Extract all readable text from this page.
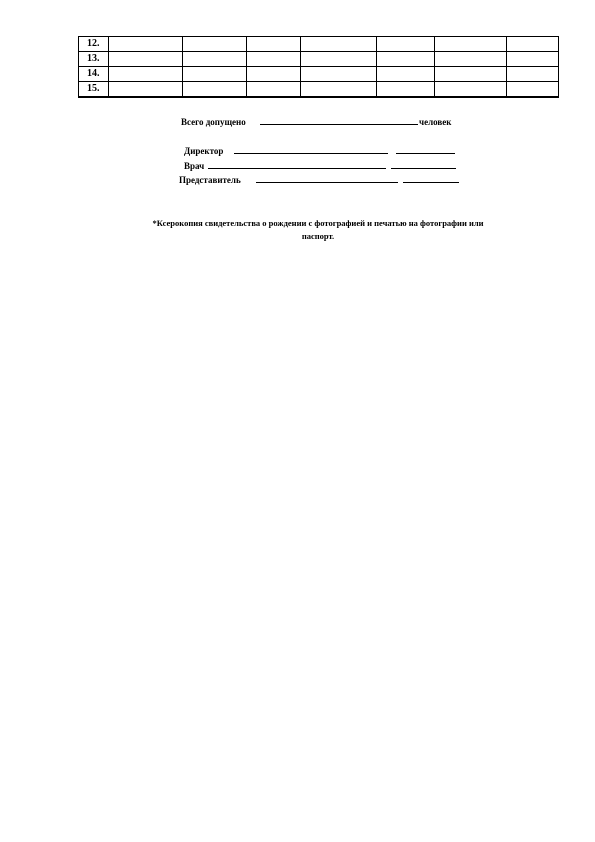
12.							
13.							
14.							
15.							
Всего допущено	человек
Директор
Врач
Представитель
*Ксерокопия свидетельства о рождении с фотографией и печатью на фотографии или
паспорт.
